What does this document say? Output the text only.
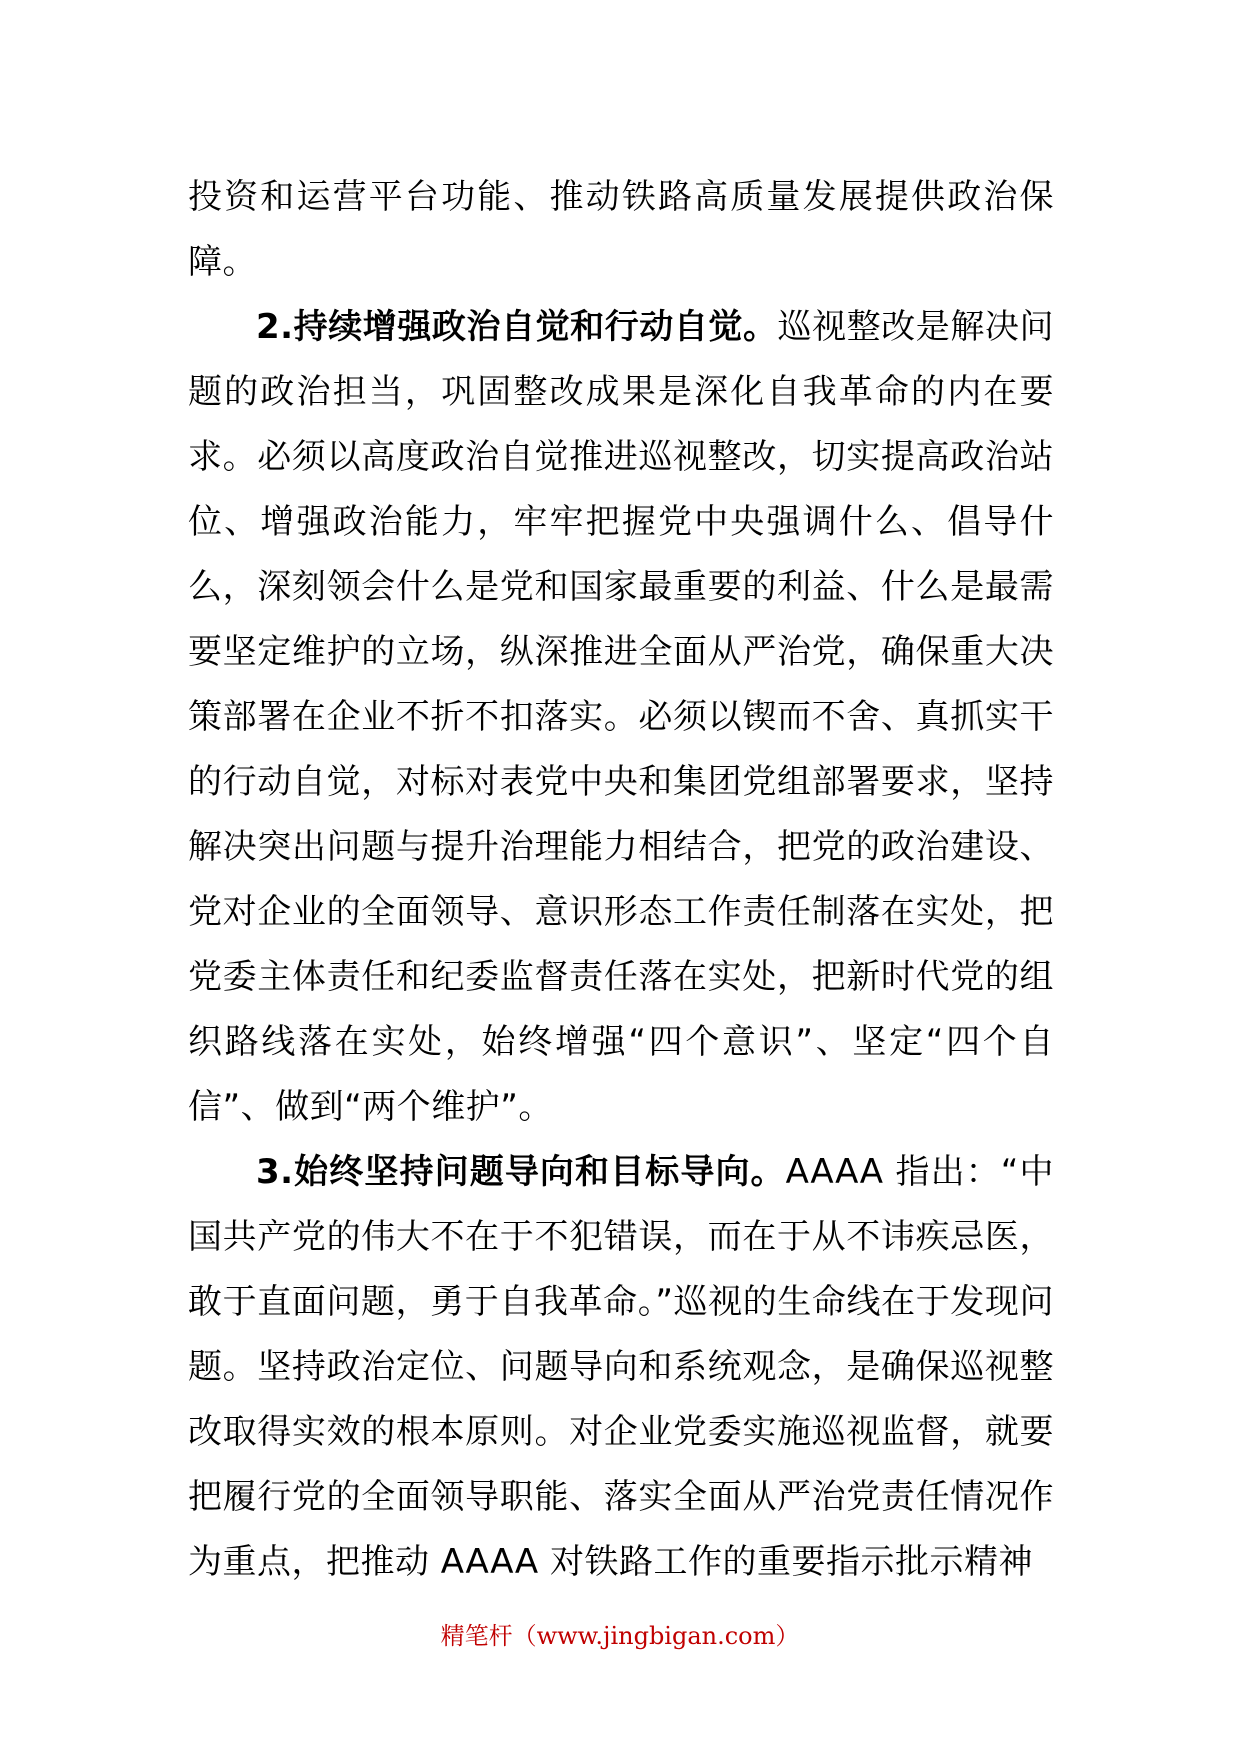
投资和运营平台功能、推动铁路高质量发展提供政治保障。

2.持续增强政治自觉和行动自觉。巡视整改是解决问题的政治担当，巩固整改成果是深化自我革命的内在要求。必须以高度政治自觉推进巡视整改，切实提高政治站位、增强政治能力，牢牢把握党中央强调什么、倡导什么，深刻领会什么是党和国家最重要的利益、什么是最需要坚定维护的立场，纵深推进全面从严治党，确保重大决策部署在企业不折不扣落实。必须以锲而不舍、真抓实干的行动自觉，对标对表党中央和集团党组部署要求，坚持解决突出问题与提升治理能力相结合，把党的政治建设、党对企业的全面领导、意识形态工作责任制落在实处，把党委主体责任和纪委监督责任落在实处，把新时代党的组织路线落在实处，始终增强“四个意识”、坚定“四个自信”、做到“两个维护”。

3.始终坚持问题导向和目标导向。AAAA 指出：“中国共产党的伟大不在于不犯错误，而在于从不讳疾忌医，敢于直面问题，勇于自我革命。”巡视的生命线在于发现问题。坚持政治定位、问题导向和系统观念，是确保巡视整改取得实效的根本原则。对企业党委实施巡视监督，就要把履行党的全面领导职能、落实全面从严治党责任情况作为重点，把推动 AAAA 对铁路工作的重要指示批示精神

精笔杆（www.jingbigan.com）
